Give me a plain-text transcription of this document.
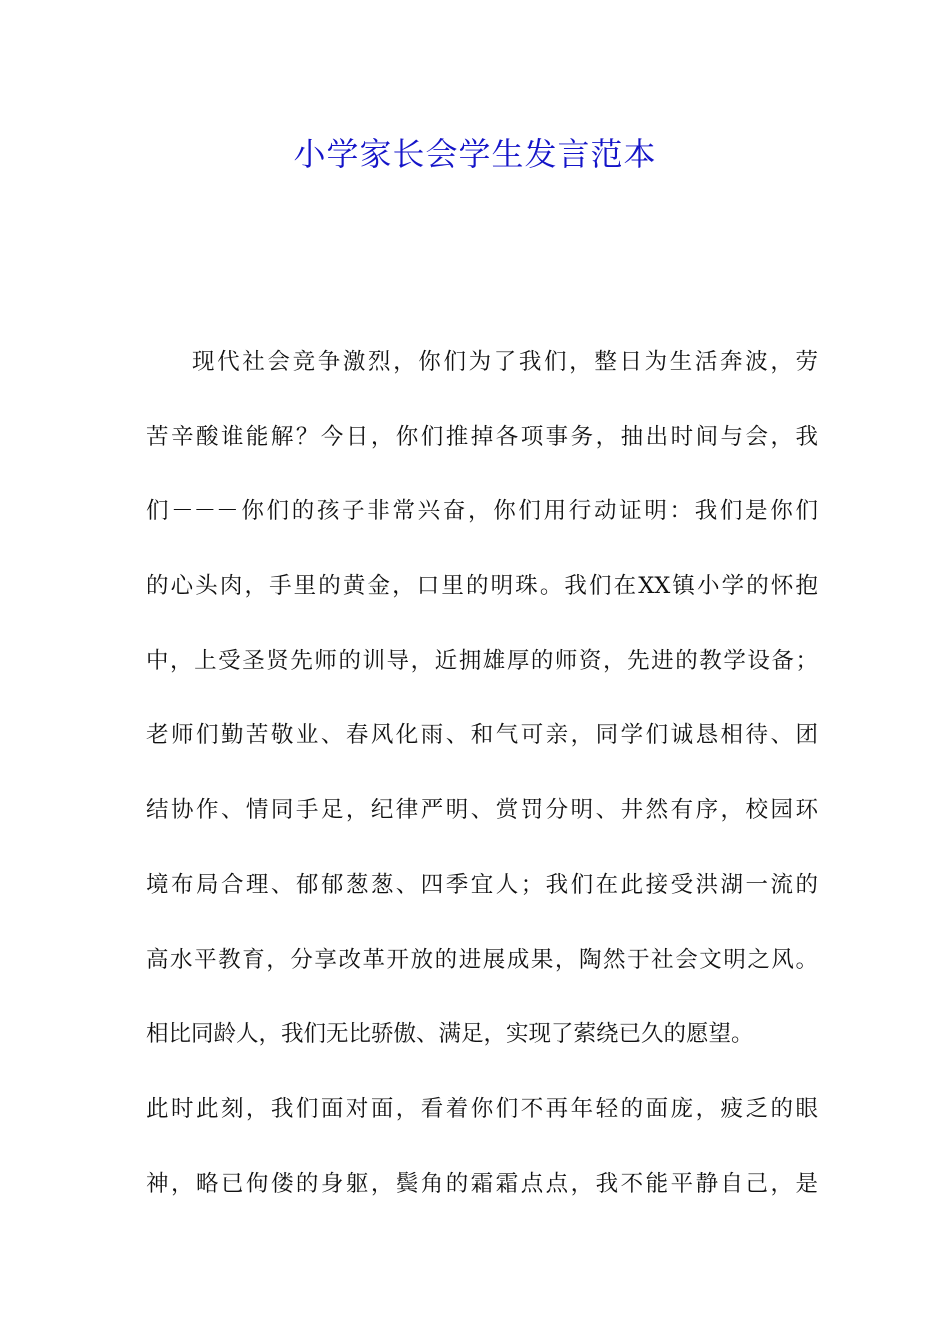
小学家长会学生发言范本
现代社会竞争激烈，你们为了我们，整日为生活奔波，劳
苦辛酸谁能解？今日，你们推掉各项事务，抽出时间与会，我
们－－－你们的孩子非常兴奋，你们用行动证明：我们是你们
的心头肉，手里的黄金，口里的明珠。我们在XX镇小学的怀抱
中，上受圣贤先师的训导，近拥雄厚的师资，先进的教学设备；
老师们勤苦敬业、春风化雨、和气可亲，同学们诚恳相待、团
结协作、情同手足，纪律严明、赏罚分明、井然有序，校园环
境布局合理、郁郁葱葱、四季宜人；我们在此接受洪湖一流的
高水平教育，分享改革开放的进展成果，陶然于社会文明之风。
相比同龄人，我们无比骄傲、满足，实现了萦绕已久的愿望。
此时此刻，我们面对面，看着你们不再年轻的面庞，疲乏的眼
神，略已佝偻的身躯，鬓角的霜霜点点，我不能平静自己，是
